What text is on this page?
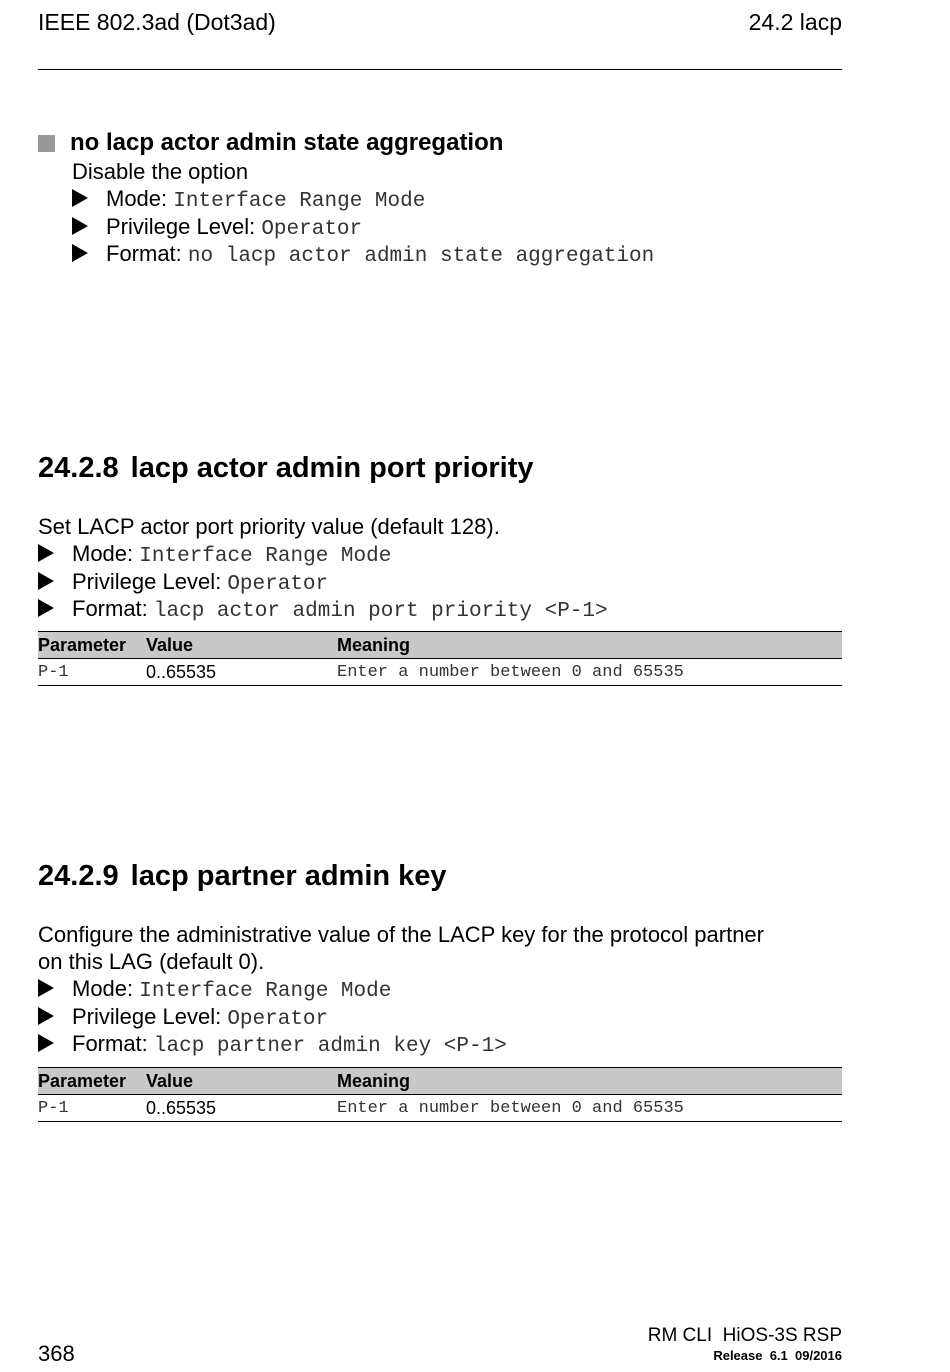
IEEE 802.3ad (Dot3ad)	24.2 lacp
no lacp actor admin state aggregation
Disable the option
Mode: Interface Range Mode
Privilege Level: Operator
Format: no lacp actor admin state aggregation
24.2.8 lacp actor admin port priority
Set LACP actor port priority value (default 128).
Mode: Interface Range Mode
Privilege Level: Operator
Format: lacp actor admin port priority <P-1>
Parameter	Value	Meaning
P-1	0..65535	Enter a number between 0 and 65535
24.2.9 lacp partner admin key
Configure the administrative value of the LACP key for the protocol partner
on this LAG (default 0).
Mode: Interface Range Mode
Privilege Level: Operator
Format: lacp partner admin key <P-1>
Parameter	Value	Meaning
P-1	0..65535	Enter a number between 0 and 65535
368
RM CLI  HiOS-3S RSP
Release  6.1  09/2016
